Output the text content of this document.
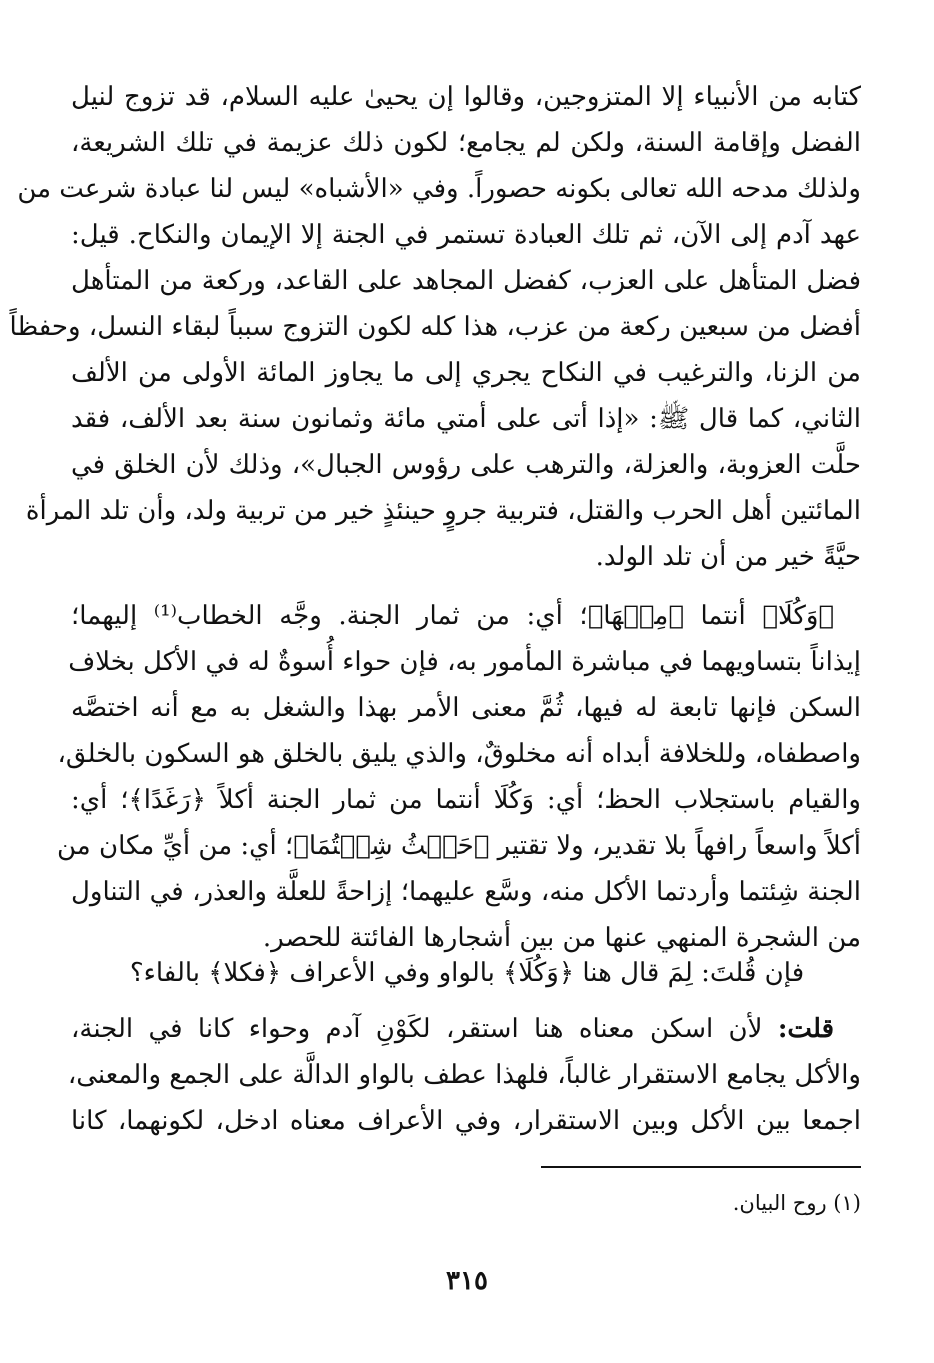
كتابه من الأنبياء إلا المتزوجين، وقالوا إن يحيىٰ عليه السلام، قد تزوج لنيل
الفضل وإقامة السنة، ولكن لم يجامع؛ لكون ذلك عزيمة في تلك الشريعة،
ولذلك مدحه الله تعالى بكونه حصوراً. وفي «الأشباه» ليس لنا عبادة شرعت من
عهد آدم إلى الآن، ثم تلك العبادة تستمر في الجنة إلا الإيمان والنكاح. قيل:
فضل المتأهل على العزب، كفضل المجاهد على القاعد، وركعة من المتأهل
أفضل من سبعين ركعة من عزب، هذا كله لكون التزوج سبباً لبقاء النسل، وحفظاً
من الزنا، والترغيب في النكاح يجري إلى ما يجاوز المائة الأولى من الألف
الثاني، كما قال ﷺ: «إذا أتى على أمتي مائة وثمانون سنة بعد الألف، فقد
حلَّت العزوبة، والعزلة، والترهب على رؤوس الجبال»، وذلك لأن الخلق في
المائتين أهل الحرب والقتل، فتربية جروٍ حينئذٍ خير من تربية ولد، وأن تلد المرأة
حيَّةً خير من أن تلد الولد.
﴿وَكُلَا﴾ أنتما ﴿مِنۡهَا﴾؛ أي: من ثمار الجنة. وجَّه الخطاب⁽¹⁾ إليهما؛
إيذاناً بتساويهما في مباشرة المأمور به، فإن حواء أُسوةٌ له في الأكل بخلاف
السكن فإنها تابعة له فيها، ثُمَّ معنى الأمر بهذا والشغل به مع أنه اختصَّه
واصطفاه، وللخلافة أبداه أنه مخلوقٌ، والذي يليق بالخلق هو السكون بالخلق،
والقيام باستجلاب الحظ؛ أي: وَكُلَا أنتما من ثمار الجنة أكلاً ﴿رَغَدًا﴾؛ أي:
أكلاً واسعاً رافهاً بلا تقدير، ولا تقتير ﴿حَيۡثُ شِئۡتُمَا﴾؛ أي: من أيِّ مكان من
الجنة شِئتما وأردتما الأكل منه، وسَّع عليهما؛ إزاحةً للعلَّة والعذر، في التناول
من الشجرة المنهي عنها من بين أشجارها الفائتة للحصر.
فإن قُلتَ: لِمَ قال هنا ﴿وَكُلَا﴾ بالواو وفي الأعراف ﴿فكلا﴾ بالفاء؟
قلت: لأن اسكن معناه هنا استقر، لكَوْنِ آدم وحواء كانا في الجنة،
والأكل يجامع الاستقرار غالباً، فلهذا عطف بالواو الدالَّة على الجمع والمعنى،
اجمعا بين الأكل وبين الاستقرار، وفي الأعراف معناه ادخل، لكونهما، كانا
(١) روح البيان.
٣١٥
